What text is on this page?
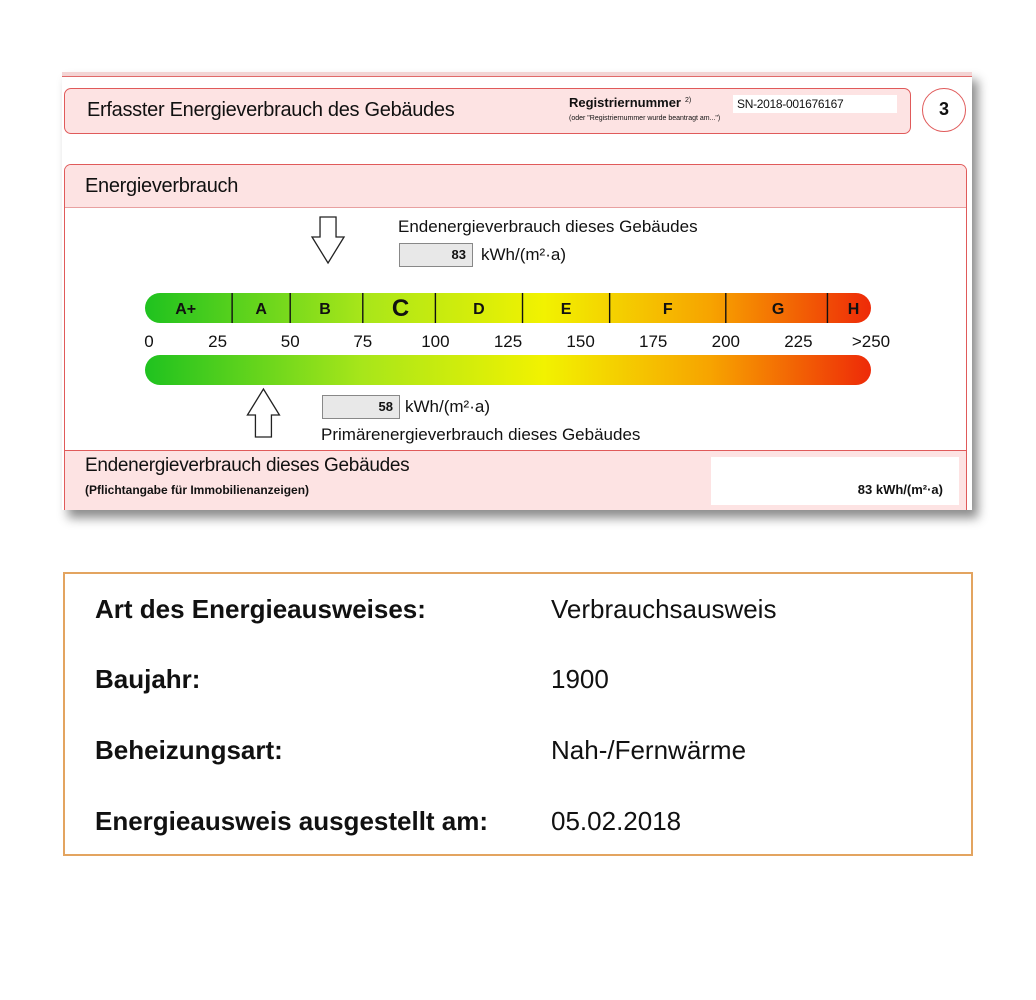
Erfasster Energieverbrauch des Gebäudes	Registriernummer $^{2)}$
(oder "Registriernummer wurde beantragt am...")
SN-2018-001676167	3
Energieverbrauch
A+	A	B	C	D	E	F	G	H
0	25	50	75	100	125	150	175	200	225 >250
Endenergieverbrauch dieses Gebäudes
83 kWh/(m²·a)
58 kWh/(m²·a)
Primärenergieverbrauch dieses Gebäudes
Endenergieverbrauch dieses Gebäudes
(Pflichtangabe für Immobilienanzeigen)	83 kWh/(m²·a)
Art des Energieausweises:	Verbrauchsausweis
Baujahr:	1900
Beheizungsart:	Nah-/Fernwärme
Energieausweis ausgestellt am: 05.02.2018
